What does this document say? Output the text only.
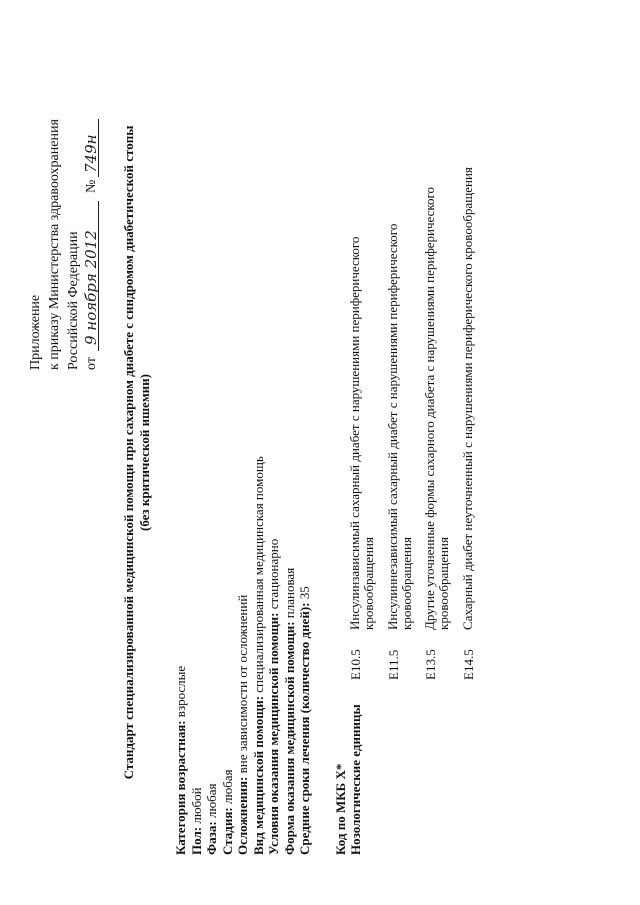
Приложение к приказу Министерства здравоохранения Российской Федерации от
9 ноября 2012
№
749н Стандарт специализированной медицинской помощи при сахарном диабете с синдромом диабетической стопы (без критической ишемии)
Категория возрастная: взрослые
Пол: любой
Фаза: любая
Стадия: любая Осложнения: вне зависимости от осложнений Вид медицинской помощи: специализированная медицинская помощь
Условия оказания медицинской помощи: стационарно
Форма оказания медицинской помощи: плановая
Средние сроки лечения (количество дней): 35
Код по МКБ X* Нозологические единицы
E10.5
Инсулинзависимый сахарный диабет с нарушениями периферического кровообращения
E11.5
Инсулиннезависимый сахарный диабет с нарушениями периферического кровообращения
E13.5
Другие уточненные формы сахарного диабета с нарушениями периферического кровообращения
E14.5
Сахарный диабет неуточненный с нарушениями периферического кровообращения
